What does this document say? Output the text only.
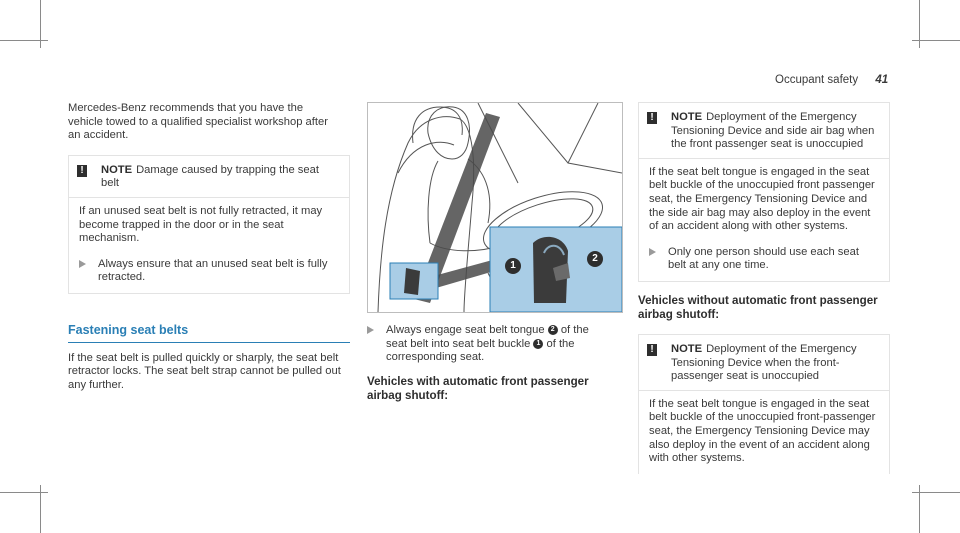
Occupant safety 41

Mercedes-Benz recommends that you have the vehicle towed to a qualified specialist workshop after an accident.

! NOTE Damage caused by trapping the seat belt

If an unused seat belt is not fully retracted, it may become trapped in the door or in the seat mechanism.

Always ensure that an unused seat belt is fully retracted.
Fastening seat belts

If the seat belt is pulled quickly or sharply, the seat belt retractor locks. The seat belt strap cannot be pulled out any further.

1
2

Always engage seat belt tongue 2 of the seat belt into seat belt buckle 1 of the corresponding seat.

Vehicles with automatic front passenger airbag shutoff:
! NOTE Deployment of the Emergency Tensioning Device and side air bag when the front passenger seat is unoccupied

If the seat belt tongue is engaged in the seat belt buckle of the unoccupied front passenger seat, the Emergency Tensioning Device and the side air bag may also deploy in the event of an accident along with other systems.

Only one person should use each seat belt at any one time.
Vehicles without automatic front passenger airbag shutoff:
! NOTE Deployment of the Emergency Tensioning Device when the front-passenger seat is unoccupied

If the seat belt tongue is engaged in the seat belt buckle of the unoccupied front-passenger seat, the Emergency Tensioning Device may also deploy in the event of an accident along with other systems.
